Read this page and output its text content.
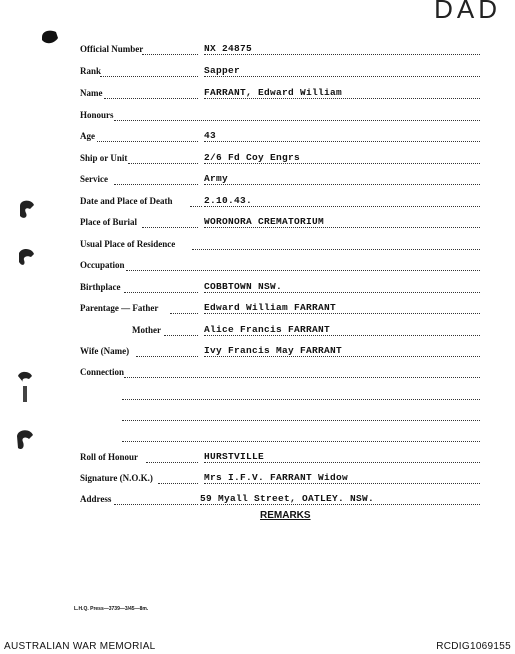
DAD
Official Number	NX 24875
Rank	Sapper
Name	FARRANT, Edward William
Honours
Age	43
Ship or Unit	2/6 Fd Coy Engrs
Service	Army
Date and Place of Death	2.10.43.
Place of Burial	WORONORA CREMATORIUM
Usual Place of Residence
Occupation
Birthplace	COBBTOWN NSW.
Parentage — Father	Edward William FARRANT
Mother	Alice Francis FARRANT
Wife (Name)	Ivy Francis May FARRANT
Connection
Roll of Honour	HURSTVILLE
Signature (N.O.K.)	Mrs I.F.V. FARRANT Widow
Address	59 Myall Street, OATLEY. NSW.
REMARKS
L.H.Q. Press—3739—3/45—8m.
AUSTRALIAN WAR MEMORIAL	RCDIG1069155
